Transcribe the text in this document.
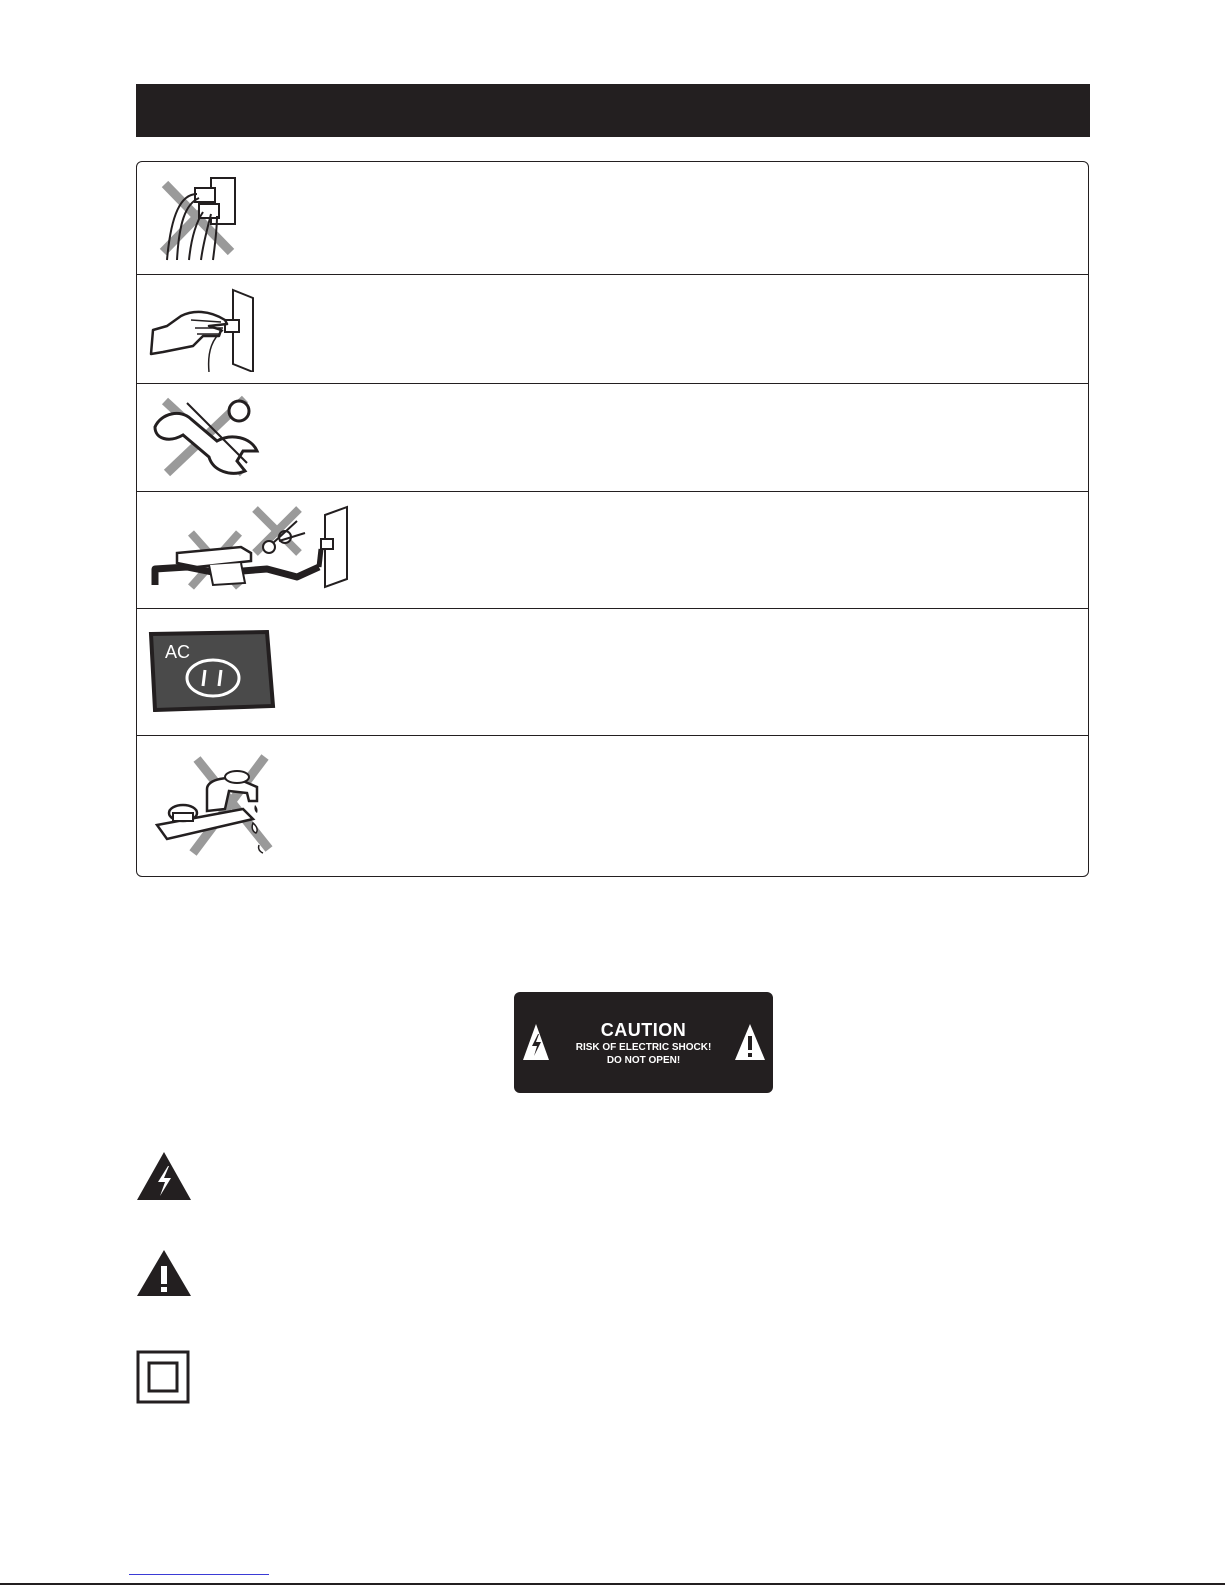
AC
CAUTION
RISK OF ELECTRIC SHOCK!
DO NOT OPEN!
